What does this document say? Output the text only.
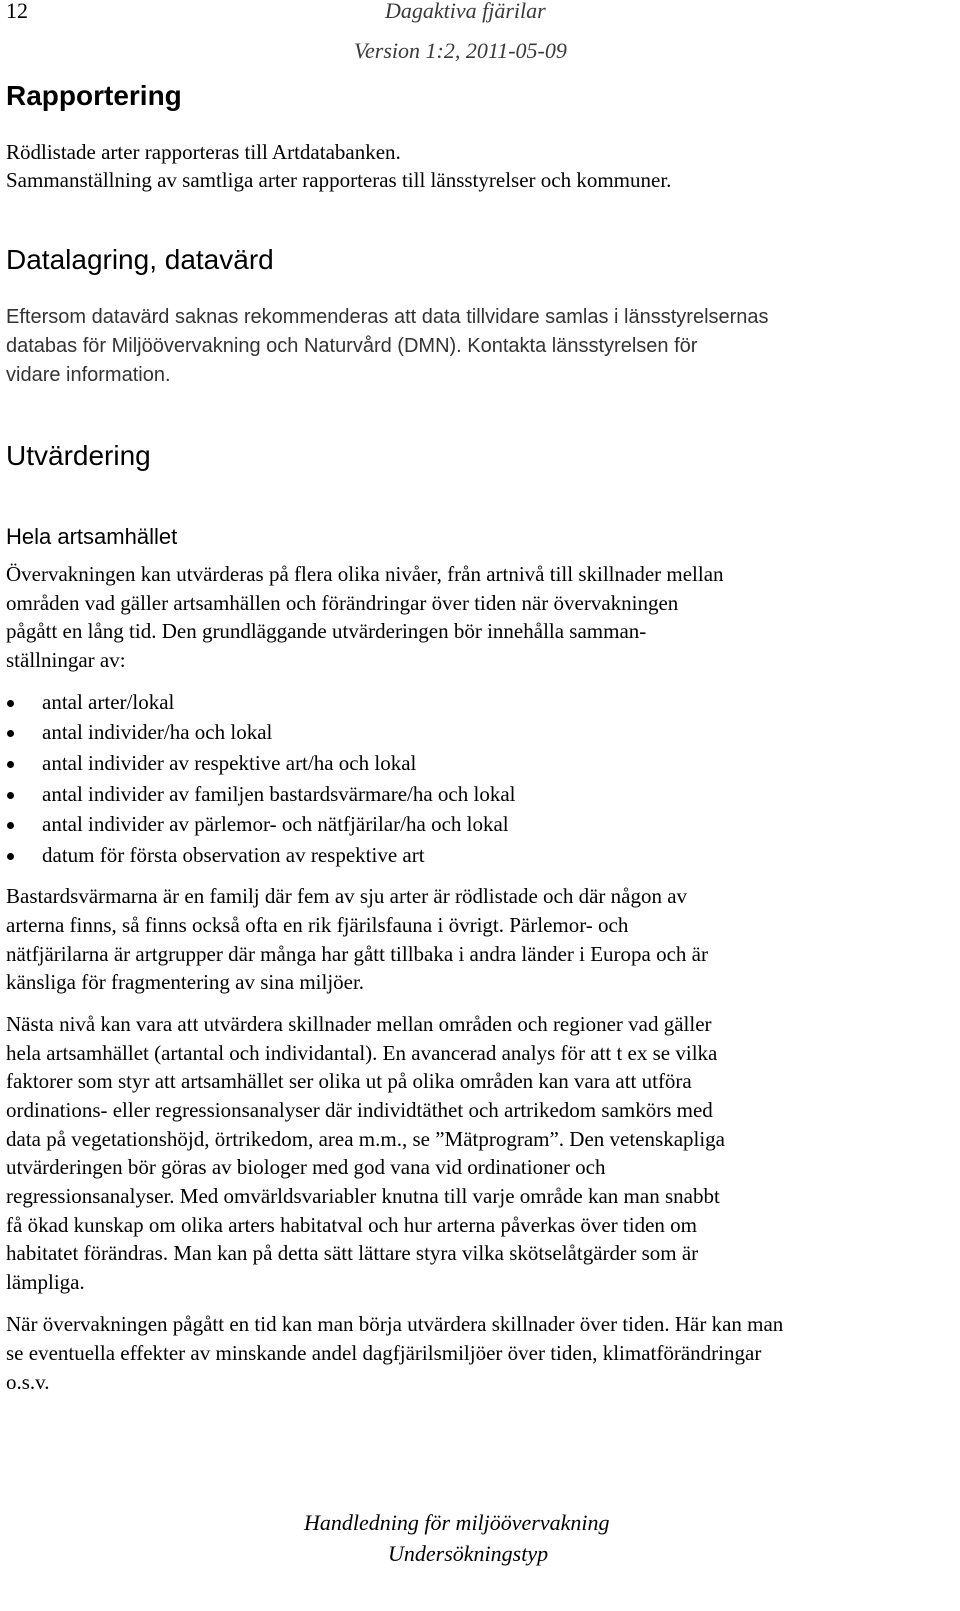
12	Dagaktiva fjärilar
Version 1:2, 2011-05-09
Rapportering
Rödlistade arter rapporteras till Artdatabanken.
Sammanställning av samtliga arter rapporteras till länsstyrelser och kommuner.
Datalagring, datavärd
Eftersom datavärd saknas rekommenderas att data tillvidare samlas i länsstyrelsernas
databas för Miljöövervakning och Naturvård (DMN). Kontakta länsstyrelsen för
vidare information.
Utvärdering
Hela artsamhället
Övervakningen kan utvärderas på flera olika nivåer, från artnivå till skillnader mellan
områden vad gäller artsamhällen och förändringar över tiden när övervakningen
pågått en lång tid. Den grundläggande utvärderingen bör innehålla samman-
ställningar av:
antal arter/lokal
antal individer/ha och lokal
antal individer av respektive art/ha och lokal
antal individer av familjen bastardsvärmare/ha och lokal
antal individer av pärlemor- och nätfjärilar/ha och lokal
datum för första observation av respektive art
Bastardsvärmarna är en familj där fem av sju arter är rödlistade och där någon av
arterna finns, så finns också ofta en rik fjärilsfauna i övrigt. Pärlemor- och
nätfjärilarna är artgrupper där många har gått tillbaka i andra länder i Europa och är
känsliga för fragmentering av sina miljöer.
Nästa nivå kan vara att utvärdera skillnader mellan områden och regioner vad gäller
hela artsamhället (artantal och individantal). En avancerad analys för att t ex se vilka
faktorer som styr att artsamhället ser olika ut på olika områden kan vara att utföra
ordinations- eller regressionsanalyser där individtäthet och artrikedom samkörs med
data på vegetationshöjd, örtrikedom, area m.m., se ”Mätprogram”. Den vetenskapliga
utvärderingen bör göras av biologer med god vana vid ordinationer och
regressionsanalyser. Med omvärldsvariabler knutna till varje område kan man snabbt
få ökad kunskap om olika arters habitatval och hur arterna påverkas över tiden om
habitatet förändras. Man kan på detta sätt lättare styra vilka skötselåtgärder som är
lämpliga.
När övervakningen pågått en tid kan man börja utvärdera skillnader över tiden. Här kan man
se eventuella effekter av minskande andel dagfjärilsmiljöer över tiden, klimatförändringar
o.s.v.
Handledning för miljöövervakning
Undersökningstyp
